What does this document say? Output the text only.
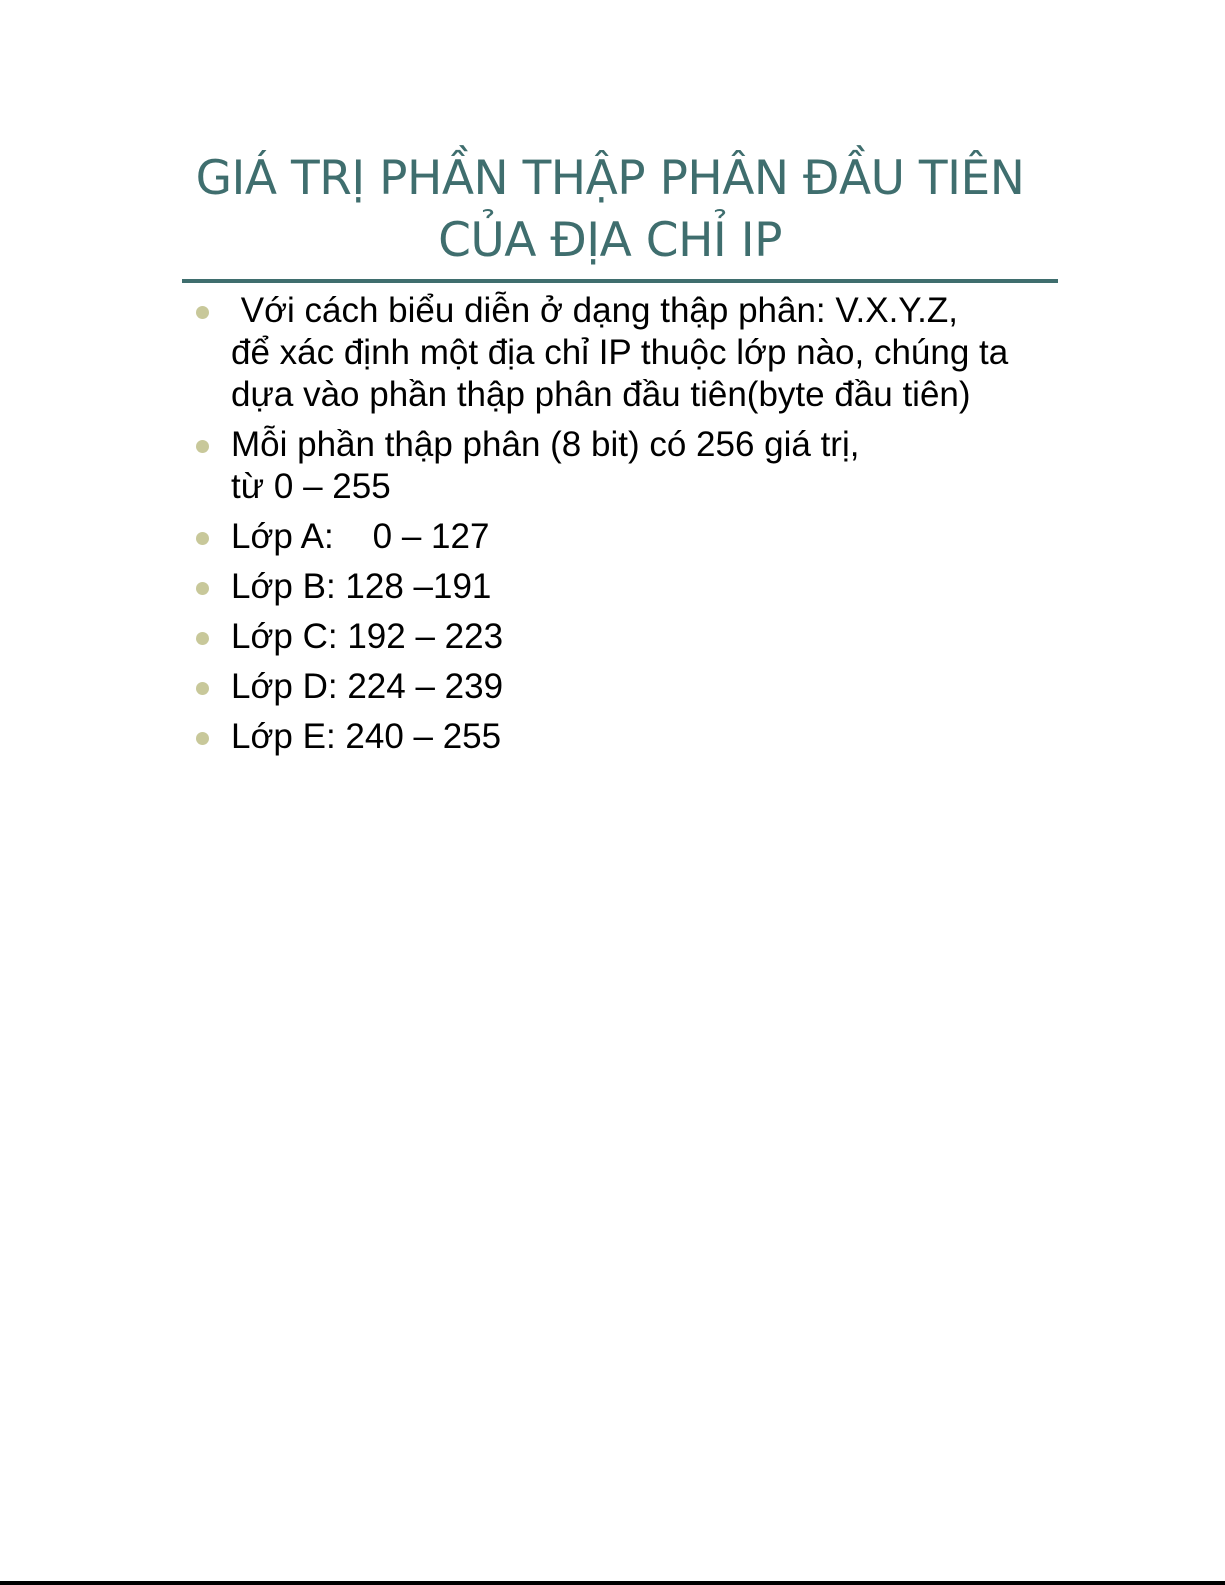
GIÁ TRỊ PHẦN THẬP PHÂN ĐẦU TIÊN
CỦA ĐỊA CHỈ IP
Với cách biểu diễn ở dạng thập phân: V.X.Y.Z,
để xác định một địa chỉ IP thuộc lớp nào, chúng ta
dựa vào phần thập phân đầu tiên(byte đầu tiên)
Mỗi phần thập phân (8 bit) có 256 giá trị,
từ 0 – 255
Lớp A:    0 – 127
Lớp B: 128 –191
Lớp C: 192 – 223
Lớp D: 224 – 239
Lớp E: 240 – 255
